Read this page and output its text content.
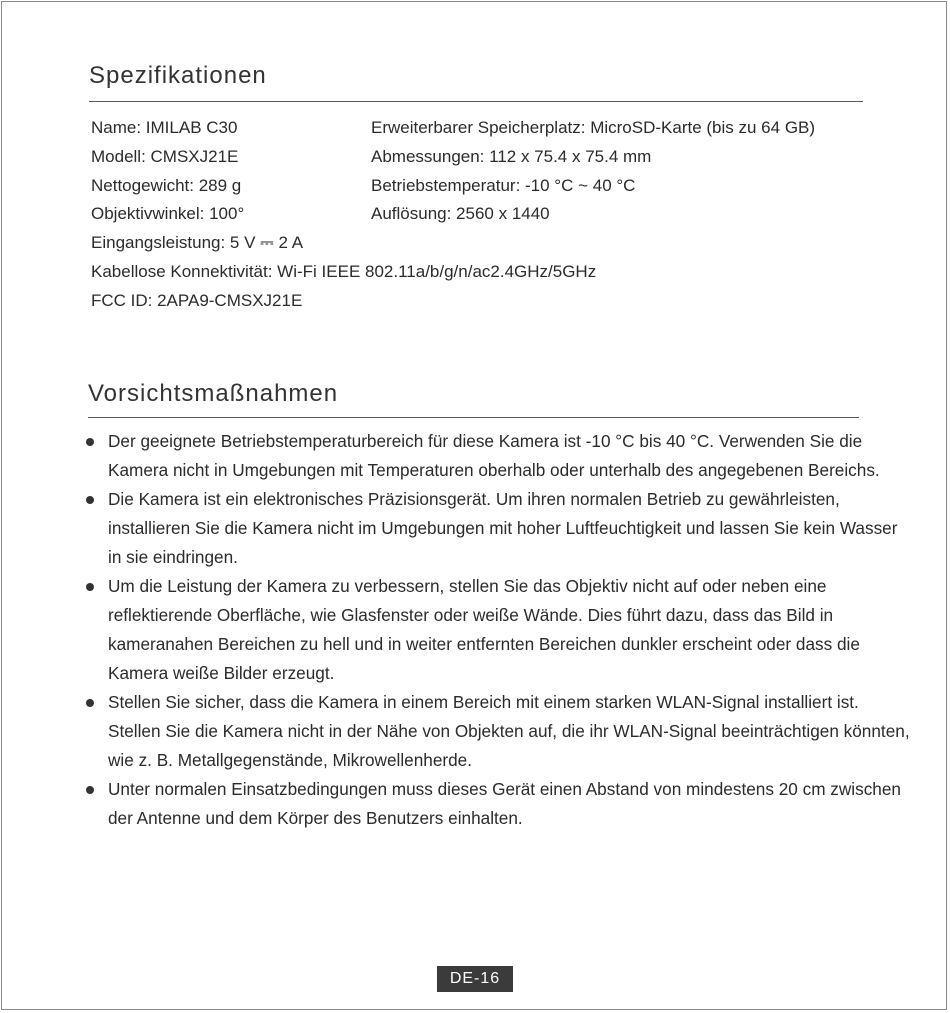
Spezifikationen
Name: IMILAB C30
Modell: CMSXJ21E
Nettogewicht: 289 g
Objektivwinkel: 100°
Eingangsleistung: 5 V ⎓ 2 A
Erweiterbarer Speicherplatz: MicroSD-Karte (bis zu 64 GB)
Abmessungen: 112 x 75.4 x 75.4 mm
Betriebstemperatur: -10 °C ~ 40 °C
Auflösung: 2560 x 1440
Kabellose Konnektivität: Wi-Fi IEEE 802.11a/b/g/n/ac2.4GHz/5GHz
FCC ID: 2APA9-CMSXJ21E
Vorsichtsmaßnahmen
Der geeignete Betriebstemperaturbereich für diese Kamera ist -10 °C bis 40 °C. Verwenden Sie die Kamera nicht in Umgebungen mit Temperaturen oberhalb oder unterhalb des angegebenen Bereichs.
Die Kamera ist ein elektronisches Präzisionsgerät. Um ihren normalen Betrieb zu gewährleisten, installieren Sie die Kamera nicht im Umgebungen mit hoher Luftfeuchtigkeit und lassen Sie kein Wasser in sie eindringen.
Um die Leistung der Kamera zu verbessern, stellen Sie das Objektiv nicht auf oder neben eine reflektierende Oberfläche, wie Glasfenster oder weiße Wände. Dies führt dazu, dass das Bild in kameranahen Bereichen zu hell und in weiter entfernten Bereichen dunkler erscheint oder dass die Kamera weiße Bilder erzeugt.
Stellen Sie sicher, dass die Kamera in einem Bereich mit einem starken WLAN-Signal installiert ist. Stellen Sie die Kamera nicht in der Nähe von Objekten auf, die ihr WLAN-Signal beeinträchtigen könnten, wie z. B. Metallgegenstände, Mikrowellenherde.
Unter normalen Einsatzbedingungen muss dieses Gerät einen Abstand von mindestens 20 cm zwischen der Antenne und dem Körper des Benutzers einhalten.
DE-16
